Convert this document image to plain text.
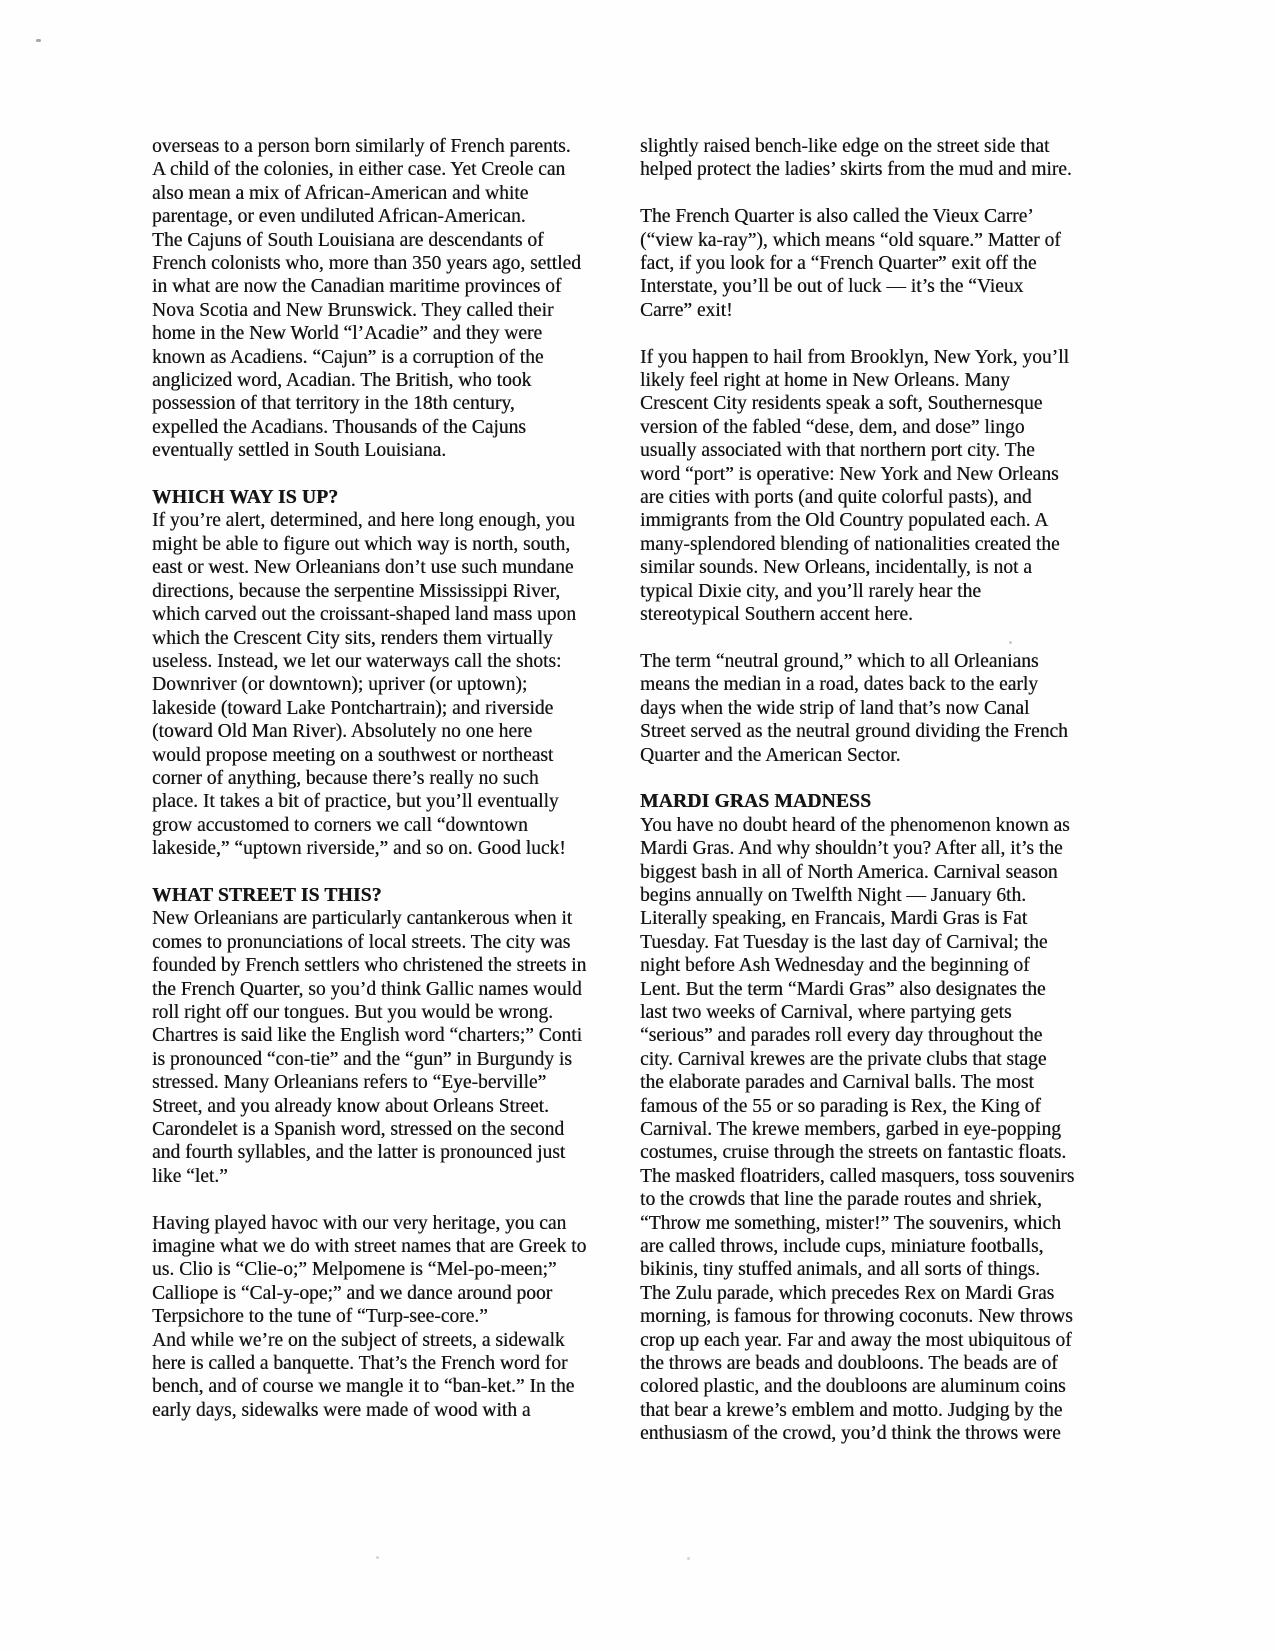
overseas to a person born similarly of French parents.
A child of the colonies, in either case. Yet Creole can
also mean a mix of African-American and white
parentage, or even undiluted African-American.
The Cajuns of South Louisiana are descendants of
French colonists who, more than 350 years ago, settled
in what are now the Canadian maritime provinces of
Nova Scotia and New Brunswick. They called their
home in the New World “l’Acadie” and they were
known as Acadiens. “Cajun” is a corruption of the
anglicized word, Acadian. The British, who took
possession of that territory in the 18th century,
expelled the Acadians. Thousands of the Cajuns
eventually settled in South Louisiana.
WHICH WAY IS UP?
If you’re alert, determined, and here long enough, you
might be able to figure out which way is north, south,
east or west. New Orleanians don’t use such mundane
directions, because the serpentine Mississippi River,
which carved out the croissant-shaped land mass upon
which the Crescent City sits, renders them virtually
useless. Instead, we let our waterways call the shots:
Downriver (or downtown); upriver (or uptown);
lakeside (toward Lake Pontchartrain); and riverside
(toward Old Man River). Absolutely no one here
would propose meeting on a southwest or northeast
corner of anything, because there’s really no such
place. It takes a bit of practice, but you’ll eventually
grow accustomed to corners we call “downtown
lakeside,” “uptown riverside,” and so on. Good luck!
WHAT STREET IS THIS?
New Orleanians are particularly cantankerous when it
comes to pronunciations of local streets. The city was
founded by French settlers who christened the streets in
the French Quarter, so you’d think Gallic names would
roll right off our tongues. But you would be wrong.
Chartres is said like the English word “charters;” Conti
is pronounced “con-tie” and the “gun” in Burgundy is
stressed. Many Orleanians refers to “Eye-berville”
Street, and you already know about Orleans Street.
Carondelet is a Spanish word, stressed on the second
and fourth syllables, and the latter is pronounced just
like “let.”
Having played havoc with our very heritage, you can
imagine what we do with street names that are Greek to
us. Clio is “Clie-o;” Melpomene is “Mel-po-meen;”
Calliope is “Cal-y-ope;” and we dance around poor
Terpsichore to the tune of “Turp-see-core.”
And while we’re on the subject of streets, a sidewalk
here is called a banquette. That’s the French word for
bench, and of course we mangle it to “ban-ket.” In the
early days, sidewalks were made of wood with a
slightly raised bench-like edge on the street side that
helped protect the ladies’ skirts from the mud and mire.
The French Quarter is also called the Vieux Carre’
(“view ka-ray”), which means “old square.” Matter of
fact, if you look for a “French Quarter” exit off the
Interstate, you’ll be out of luck — it’s the “Vieux
Carre” exit!
If you happen to hail from Brooklyn, New York, you’ll
likely feel right at home in New Orleans. Many
Crescent City residents speak a soft, Southernesque
version of the fabled “dese, dem, and dose” lingo
usually associated with that northern port city. The
word “port” is operative: New York and New Orleans
are cities with ports (and quite colorful pasts), and
immigrants from the Old Country populated each. A
many-splendored blending of nationalities created the
similar sounds. New Orleans, incidentally, is not a
typical Dixie city, and you’ll rarely hear the
stereotypical Southern accent here.
The term “neutral ground,” which to all Orleanians
means the median in a road, dates back to the early
days when the wide strip of land that’s now Canal
Street served as the neutral ground dividing the French
Quarter and the American Sector.
MARDI GRAS MADNESS
You have no doubt heard of the phenomenon known as
Mardi Gras. And why shouldn’t you? After all, it’s the
biggest bash in all of North America. Carnival season
begins annually on Twelfth Night — January 6th.
Literally speaking, en Francais, Mardi Gras is Fat
Tuesday. Fat Tuesday is the last day of Carnival; the
night before Ash Wednesday and the beginning of
Lent. But the term “Mardi Gras” also designates the
last two weeks of Carnival, where partying gets
“serious” and parades roll every day throughout the
city. Carnival krewes are the private clubs that stage
the elaborate parades and Carnival balls. The most
famous of the 55 or so parading is Rex, the King of
Carnival. The krewe members, garbed in eye-popping
costumes, cruise through the streets on fantastic floats.
The masked floatriders, called masquers, toss souvenirs
to the crowds that line the parade routes and shriek,
“Throw me something, mister!” The souvenirs, which
are called throws, include cups, miniature footballs,
bikinis, tiny stuffed animals, and all sorts of things.
The Zulu parade, which precedes Rex on Mardi Gras
morning, is famous for throwing coconuts. New throws
crop up each year. Far and away the most ubiquitous of
the throws are beads and doubloons. The beads are of
colored plastic, and the doubloons are aluminum coins
that bear a krewe’s emblem and motto. Judging by the
enthusiasm of the crowd, you’d think the throws were
